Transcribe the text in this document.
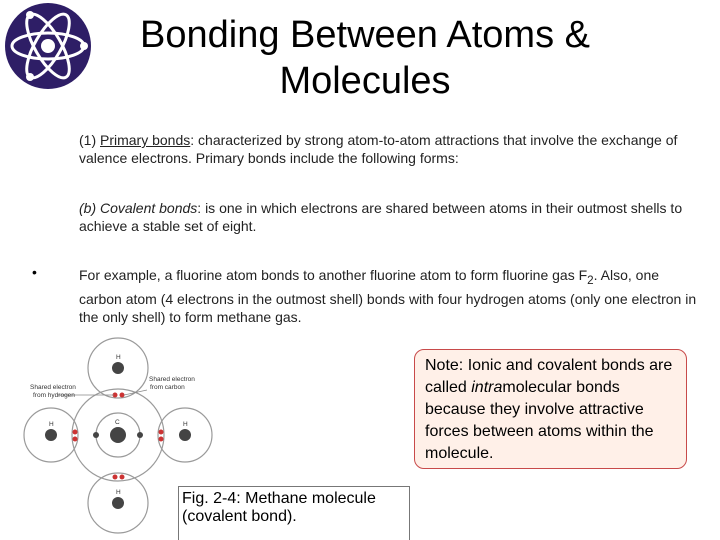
Bonding Between Atoms &
Molecules
(1) Primary bonds: characterized by strong atom-to-atom attractions that involve the exchange of valence electrons. Primary bonds include the following forms:
(b) Covalent bonds: is one in which electrons are shared between atoms in their outmost shells to achieve a stable set of eight.
•	For example, a fluorine atom bonds to another fluorine atom to form fluorine gas $F_2$. Also, one carbon atom (4 electrons in the outmost shell) bonds with four hydrogen atoms (only one electron in the only shell) to form methane gas.
Shared electron
from hydrogen
Shared electron
from carbon
H
C
H	H
H
Note: Ionic and covalent bonds are called intramolecular bonds because they involve attractive forces between atoms within the molecule.
Fig. 2-4: Methane molecule
(covalent bond).
